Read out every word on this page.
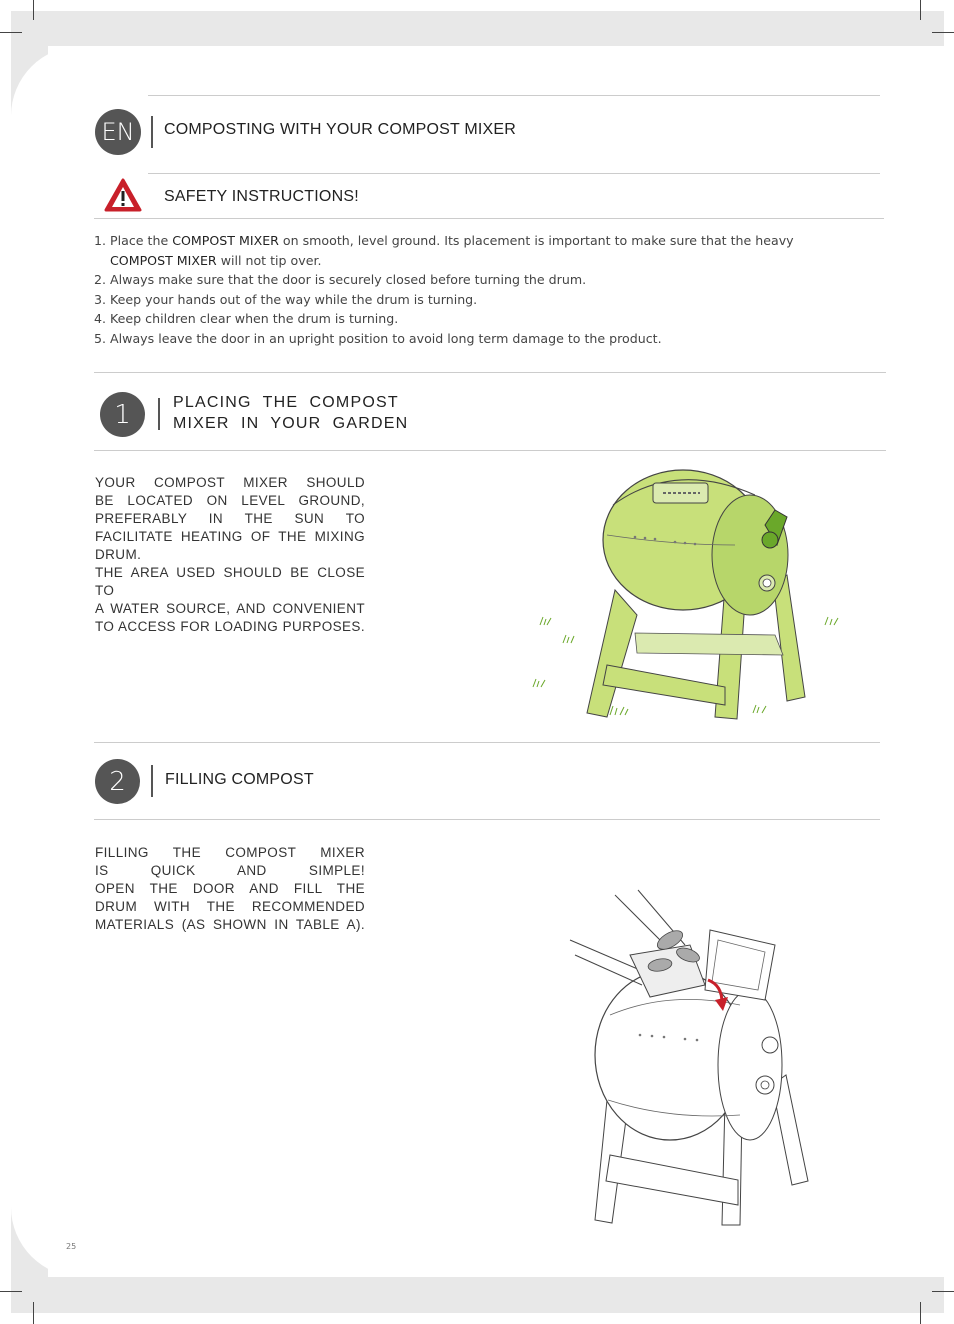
EN COMPOSTING WITH YOUR COMPOST MIXER
SAFETY INSTRUCTIONS!
1. Place the COMPOST MIXER on smooth, level ground. Its placement is important to make sure that the heavy COMPOST MIXER will not tip over.
2. Always make sure that the door is securely closed before turning the drum.
3. Keep your hands out of the way while the drum is turning.
4. Keep children clear when the drum is turning.
5. Always leave the door in an upright position to avoid long term damage to the product.
1	PLACING  THE  COMPOST
MIXER  IN  YOUR  GARDEN
YOUR COMPOST MIXER SHOULD
BE LOCATED ON LEVEL GROUND,
PREFERABLY IN THE SUN TO
FACILITATE HEATING OF THE MIXING
DRUM.
THE AREA USED SHOULD BE CLOSE TO
A WATER SOURCE, AND CONVENIENT
TO ACCESS FOR LOADING PURPOSES.
2 FILLING COMPOST
FILLING THE COMPOST MIXER
IS QUICK AND SIMPLE!
OPEN THE DOOR AND FILL THE
DRUM WITH THE RECOMMENDED
MATERIALS (AS SHOWN IN TABLE A).
25
